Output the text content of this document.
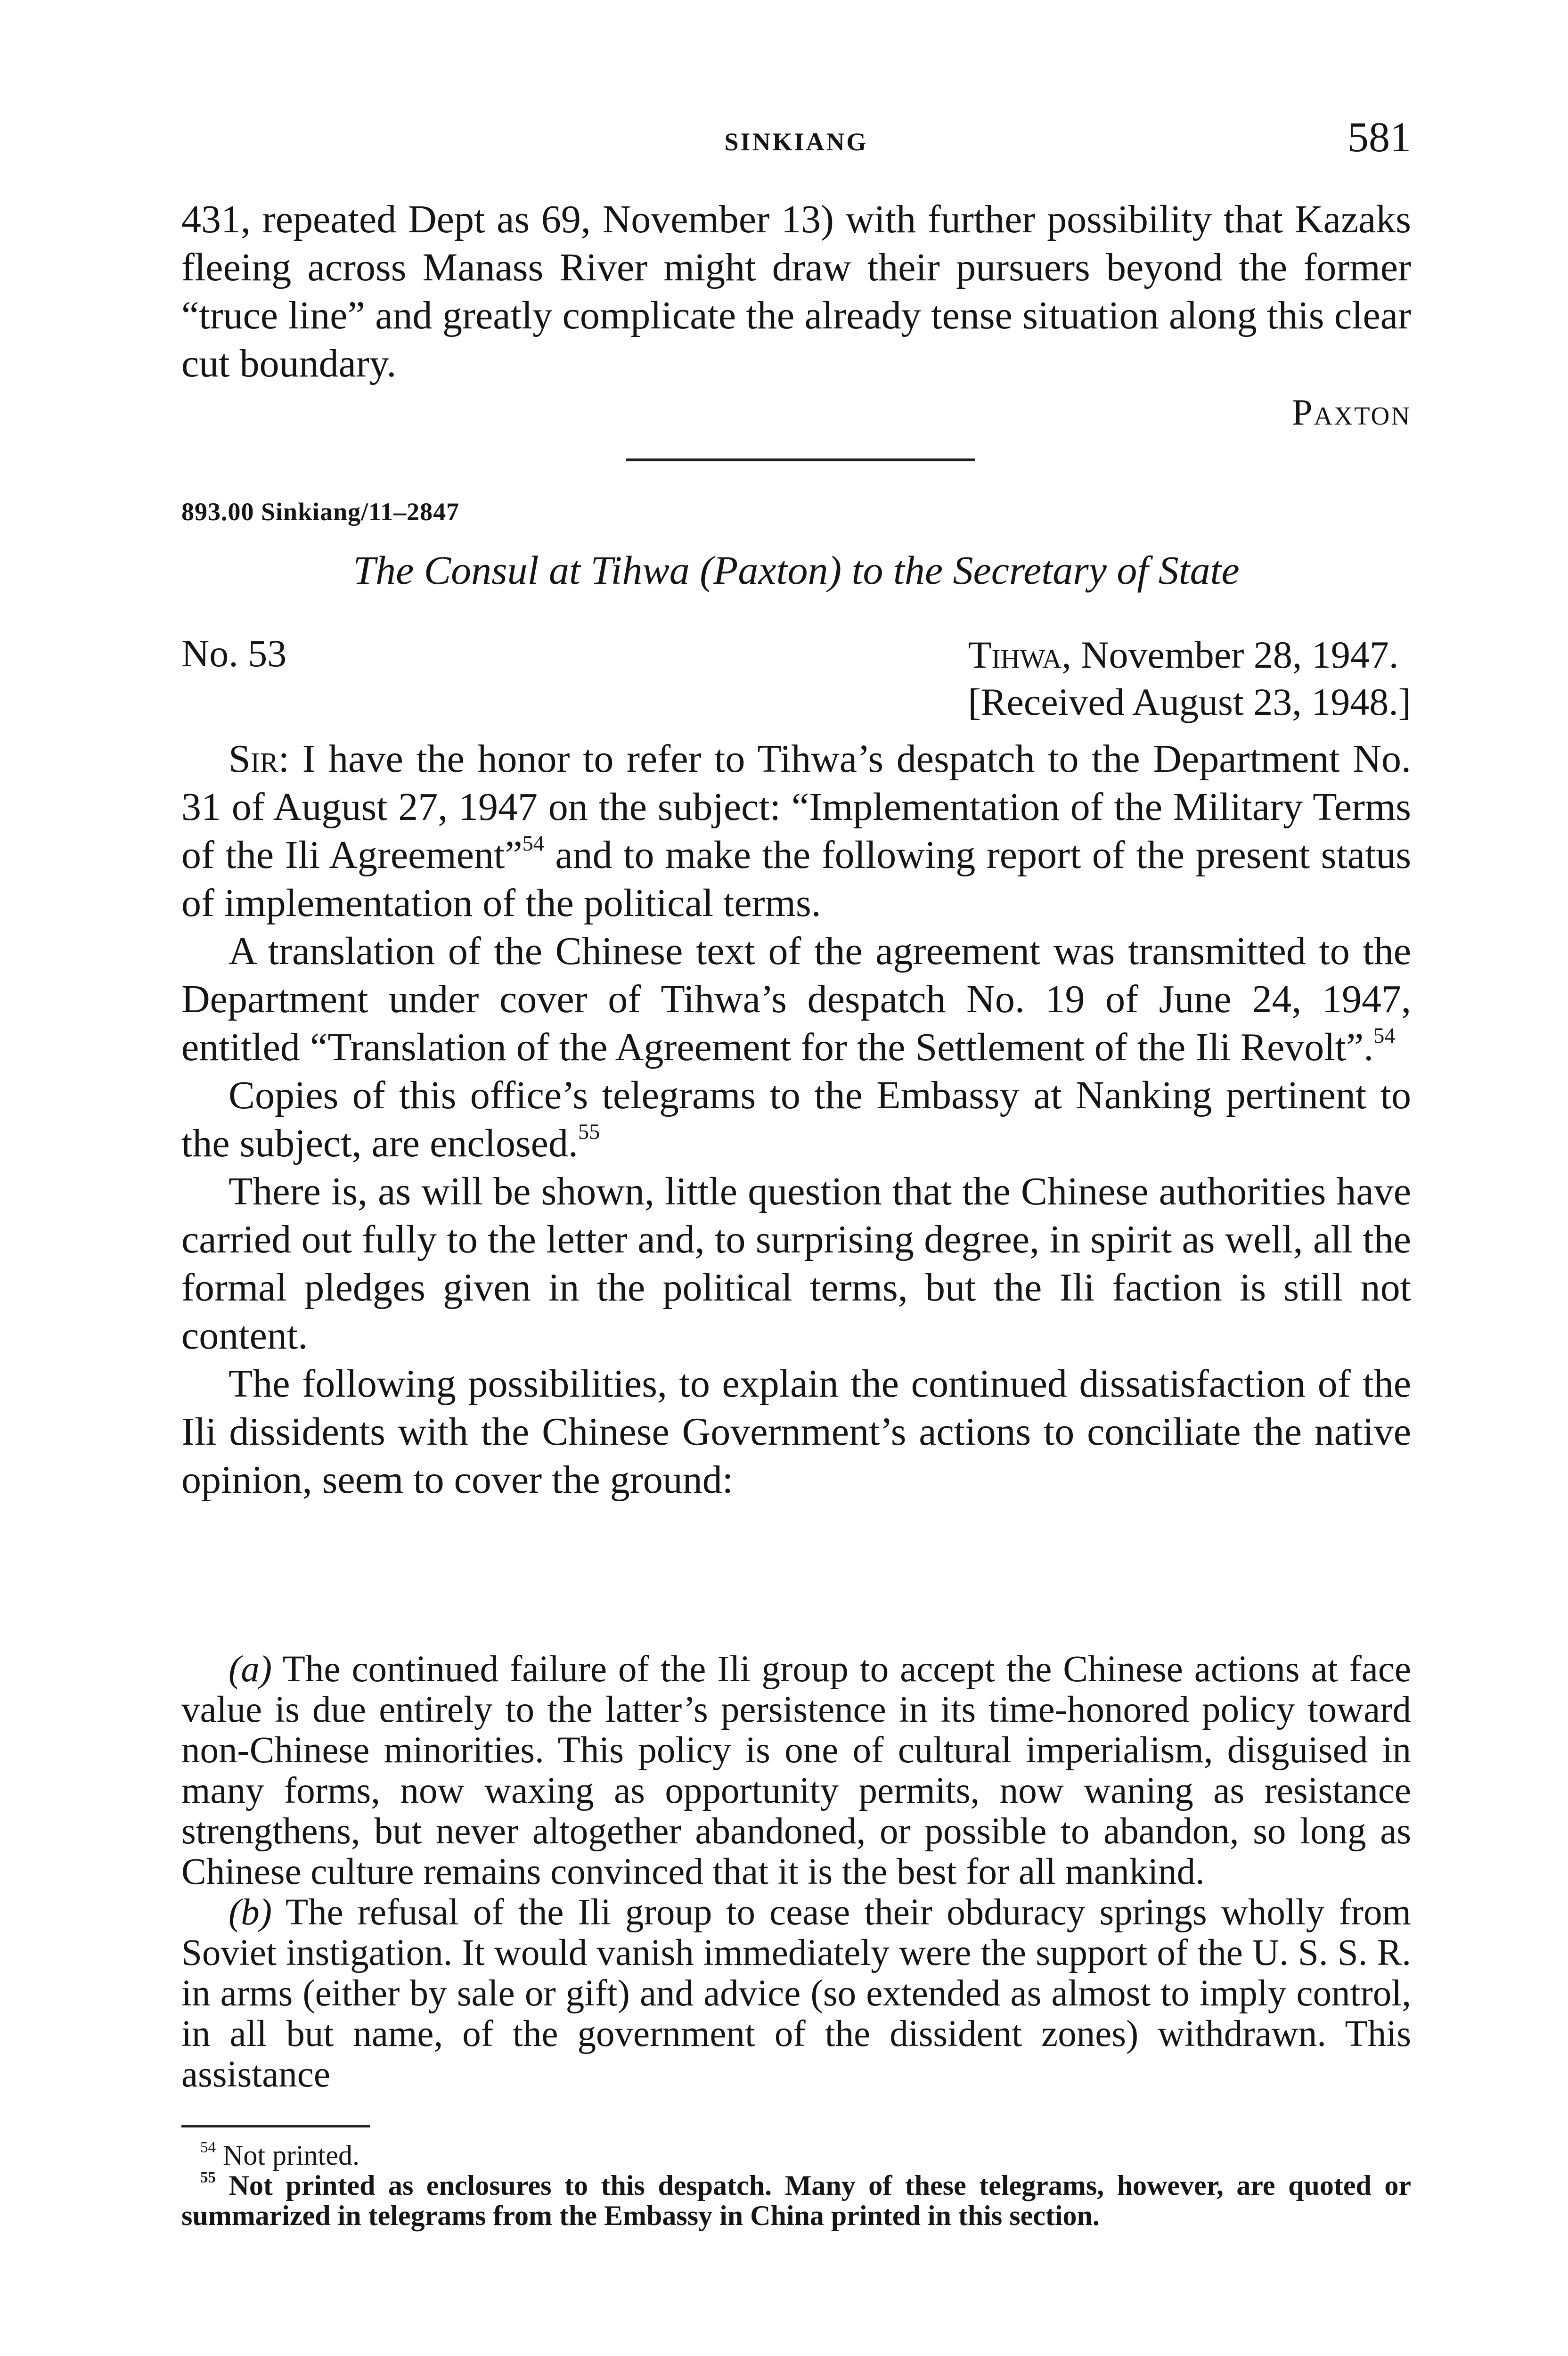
SINKIANG	581

431, repeated Dept as 69, November 13) with further possibility that Kazaks fleeing across Manass River might draw their pursuers beyond the former “truce line” and greatly complicate the already tense situation along this clear cut boundary.

Paxton
893.00 Sinkiang/11–2847
The Consul at Tihwa (Paxton) to the Secretary of State
No. 53	Tihwa, November 28, 1947.
[Received August 23, 1948.]

Sir: I have the honor to refer to Tihwa’s despatch to the Department No. 31 of August 27, 1947 on the subject: “Implementation of the Military Terms of the Ili Agreement”$^{54}$ and to make the following report of the present status of implementation of the political terms.

A translation of the Chinese text of the agreement was transmitted to the Department under cover of Tihwa’s despatch No. 19 of June 24, 1947, entitled “Translation of the Agreement for the Settlement of the Ili Revolt”.$^{54}$

Copies of this office’s telegrams to the Embassy at Nanking pertinent to the subject, are enclosed.$^{55}$

There is, as will be shown, little question that the Chinese authorities have carried out fully to the letter and, to surprising degree, in spirit as well, all the formal pledges given in the political terms, but the Ili faction is still not content.

The following possibilities, to explain the continued dissatisfaction of the Ili dissidents with the Chinese Government’s actions to conciliate the native opinion, seem to cover the ground:

(a) The continued failure of the Ili group to accept the Chinese actions at face value is due entirely to the latter’s persistence in its time-honored policy toward non-Chinese minorities. This policy is one of cultural imperialism, disguised in many forms, now waxing as opportunity permits, now waning as resistance strengthens, but never altogether abandoned, or possible to abandon, so long as Chinese culture remains convinced that it is the best for all mankind.

(b) The refusal of the Ili group to cease their obduracy springs wholly from Soviet instigation. It would vanish immediately were the support of the U. S. S. R. in arms (either by sale or gift) and advice (so extended as almost to imply control, in all but name, of the government of the dissident zones) withdrawn. This assistance

$^{54}$ Not printed.

$^{55}$ Not printed as enclosures to this despatch. Many of these telegrams, however, are quoted or summarized in telegrams from the Embassy in China printed in this section.
